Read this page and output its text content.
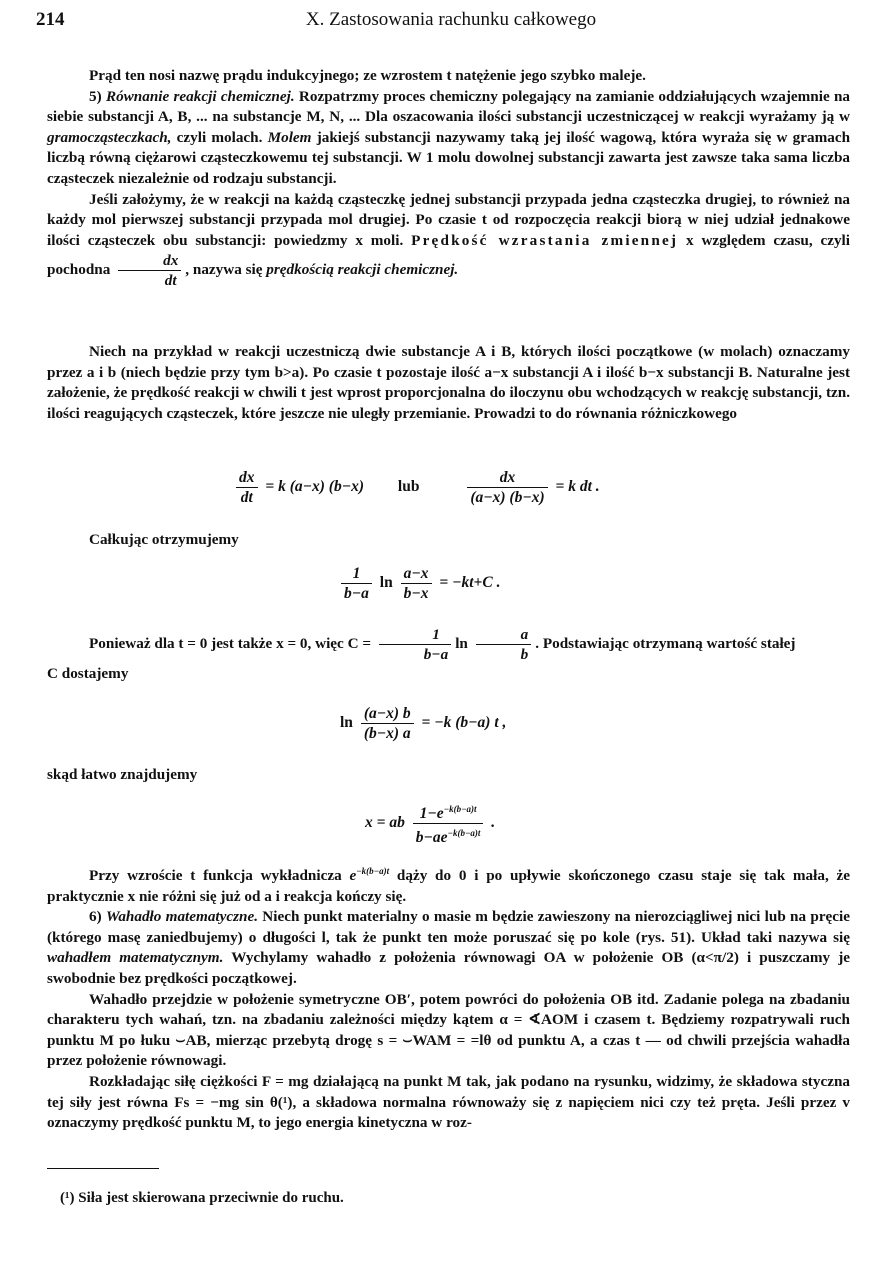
214	X. Zastosowania rachunku całkowego

Prąd ten nosi nazwę prądu indukcyjnego; ze wzrostem t natężenie jego szybko maleje.

5) Równanie reakcji chemicznej. Rozpatrzmy proces chemiczny polegający na zamianie oddziałujących wzajemnie na siebie substancji A, B, ... na substancje M, N, ... Dla oszacowania ilości substancji uczestniczącej w reakcji wyrażamy ją w gramocząsteczkach, czyli molach. Molem jakiejś substancji nazywamy taką jej ilość wagową, która wyraża się w gramach liczbą równą ciężarowi cząsteczkowemu tej substancji. W 1 molu dowolnej substancji zawarta jest zawsze taka sama liczba cząsteczek niezależnie od rodzaju substancji.

Jeśli założymy, że w reakcji na każdą cząsteczkę jednej substancji przypada jedna cząsteczka drugiej, to również na każdy mol pierwszej substancji przypada mol drugiej. Po czasie t od rozpoczęcia reakcji biorą w niej udział jednakowe ilości cząsteczek obu substancji: powiedzmy x moli. Prędkość wzrastania zmiennej x względem czasu, czyli pochodna $\frac{dx}{dt}$ , nazywa się prędkością reakcji chemicznej.

Niech na przykład w reakcji uczestniczą dwie substancje A i B, których ilości początkowe (w molach) oznaczamy przez a i b (niech będzie przy tym b>a). Po czasie t pozostaje ilość a−x substancji A i ilość b−x substancji B. Naturalne jest założenie, że prędkość reakcji w chwili t jest wprost proporcjonalna do iloczynu obu wchodzących w reakcję substancji, tzn. ilości reagujących cząsteczek, które jeszcze nie uległy przemianie. Prowadzi to do równania różniczkowego

$\frac{dx}{dt} = k$ (a−x) (b−x) lub	$\frac{dx}{(a-x) (b-x)} = k$ dt .

Całkując otrzymujemy

$\frac{1}{b-a}$ $\ln \frac{a-x}{b-x} = -kt+C$ .

Ponieważ dla t = 0 jest także x = 0, więc $C = \frac{1}{b-a}$ $\ln \frac{a}{b}$ . Podstawiając otrzymaną wartość stałej

C dostajemy

$\ln \frac{(a-x) b}{(b-x) a} = -k$ (b−a) t ,

skąd łatwo znajdujemy

x = ab $\frac{1-e^{-k(b-a)t}}{b-ae^{-k(b-a)t}}$ .

Przy wzroście t funkcja wykładnicza $e^{-k(b-a)t}$ dąży do 0 i po upływie skończonego czasu staje się tak mała, że praktycznie x nie różni się już od a i reakcja kończy się.

6) Wahadło matematyczne. Niech punkt materialny o masie m będzie zawieszony na nierozciągliwej nici lub na pręcie (którego masę zaniedbujemy) o długości l, tak że punkt ten może poruszać się po kole (rys. 51). Układ taki nazywa się wahadłem matematycznym. Wychylamy wahadło z położenia równowagi OA w położenie OB (α<π/2) i puszczamy je swobodnie bez prędkości początkowej.

Wahadło przejdzie w położenie symetryczne OB′, potem powróci do położenia OB itd. Zadanie polega na zbadaniu charakteru tych wahań, tzn. na zbadaniu zależności między kątem α = ∢AOM i czasem t. Będziemy rozpatrywali ruch punktu M po łuku ⌣AB, mierząc przebytą drogę s = ⌣WAM = =lθ od punktu A, a czas t — od chwili przejścia wahadła przez położenie równowagi.

Rozkładając siłę ciężkości F = mg działającą na punkt M tak, jak podano na rysunku, widzimy, że składowa styczna tej siły jest równa Fs = −mg sin θ(¹), a składowa normalna równoważy się z napięciem nici czy też pręta. Jeśli przez v oznaczymy prędkość punktu M, to jego energia kinetyczna w roz-

(¹) Siła jest skierowana przeciwnie do ruchu.
